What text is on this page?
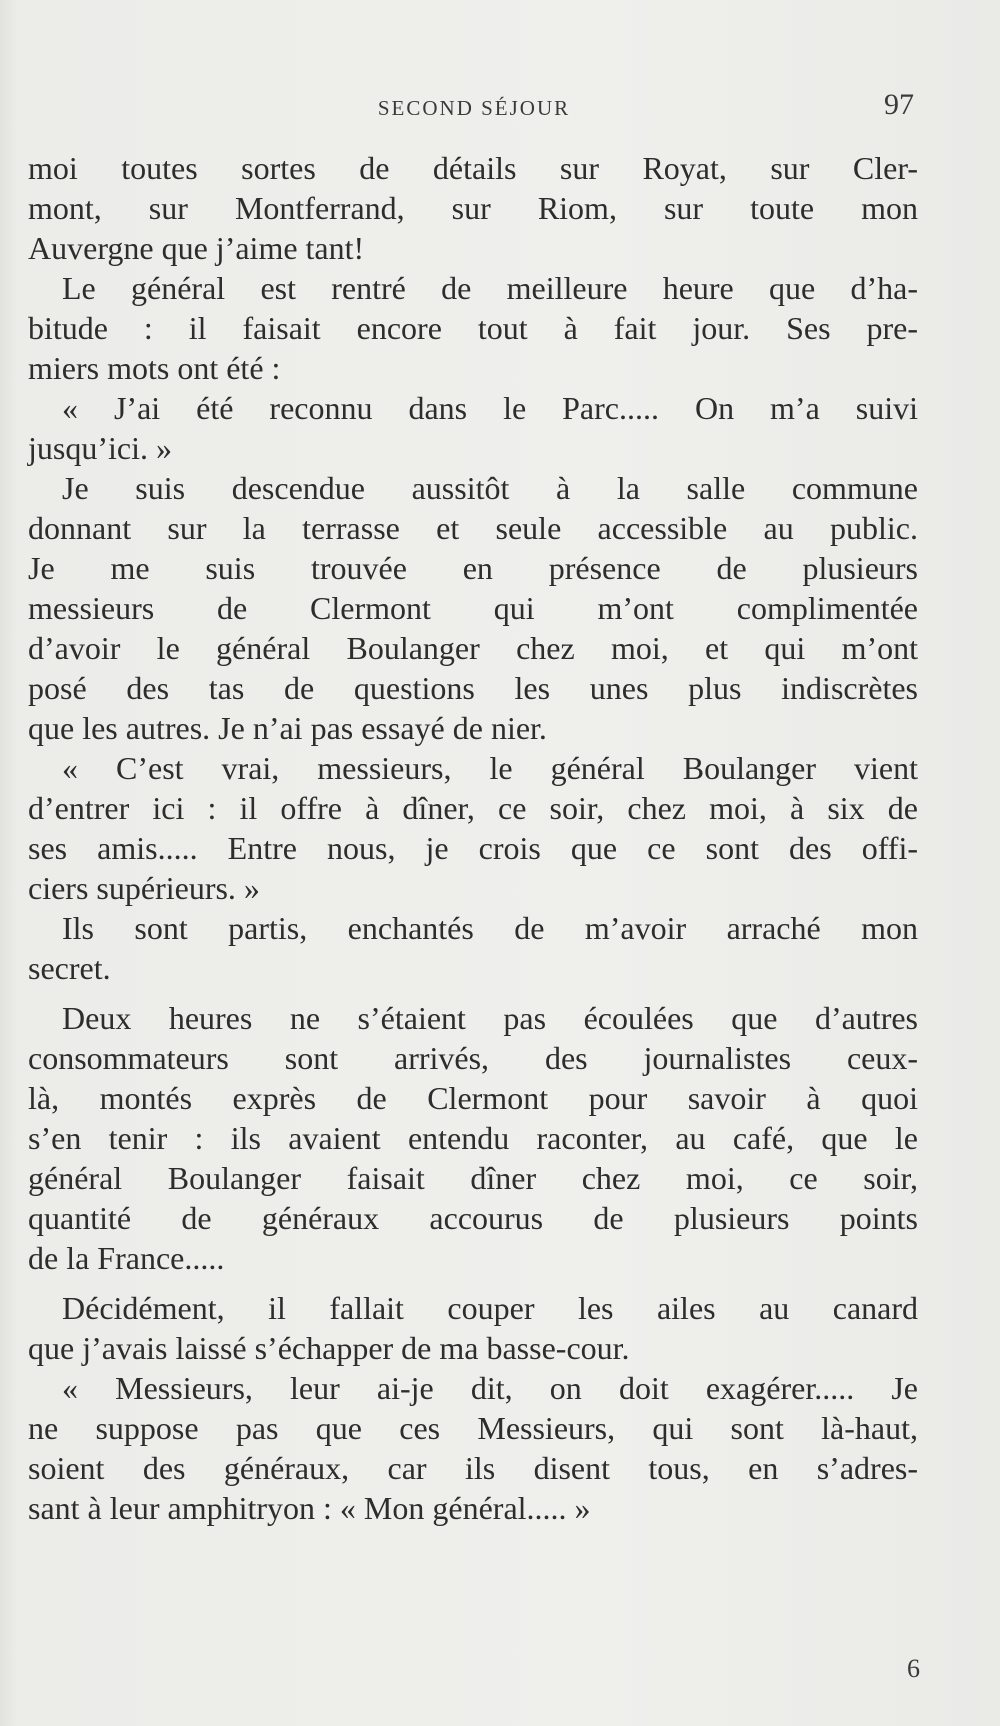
SECOND SÉJOUR	97
moi toutes sortes de détails sur Royat, sur Cler-
mont, sur Montferrand, sur Riom, sur toute mon
Auvergne que j’aime tant!
Le général est rentré de meilleure heure que d’ha-
bitude : il faisait encore tout à fait jour. Ses pre-
miers mots ont été :
« J’ai été reconnu dans le Parc..... On m’a suivi
jusqu’ici. »
Je suis descendue aussitôt à la salle commune
donnant sur la terrasse et seule accessible au public.
Je me suis trouvée en présence de plusieurs
messieurs de Clermont qui m’ont complimentée
d’avoir le général Boulanger chez moi, et qui m’ont
posé des tas de questions les unes plus indiscrètes
que les autres. Je n’ai pas essayé de nier.
« C’est vrai, messieurs, le général Boulanger vient
d’entrer ici : il offre à dîner, ce soir, chez moi, à six de
ses amis..... Entre nous, je crois que ce sont des offi-
ciers supérieurs. »
Ils sont partis, enchantés de m’avoir arraché mon
secret.
Deux heures ne s’étaient pas écoulées que d’autres
consommateurs sont arrivés, des journalistes ceux-
là, montés exprès de Clermont pour savoir à quoi
s’en tenir : ils avaient entendu raconter, au café, que le
général Boulanger faisait dîner chez moi, ce soir,
quantité de généraux accourus de plusieurs points
de la France.....
Décidément, il fallait couper les ailes au canard
que j’avais laissé s’échapper de ma basse-cour.
« Messieurs, leur ai-je dit, on doit exagérer..... Je
ne suppose pas que ces Messieurs, qui sont là-haut,
soient des généraux, car ils disent tous, en s’adres-
sant à leur amphitryon : « Mon général..... »
6
